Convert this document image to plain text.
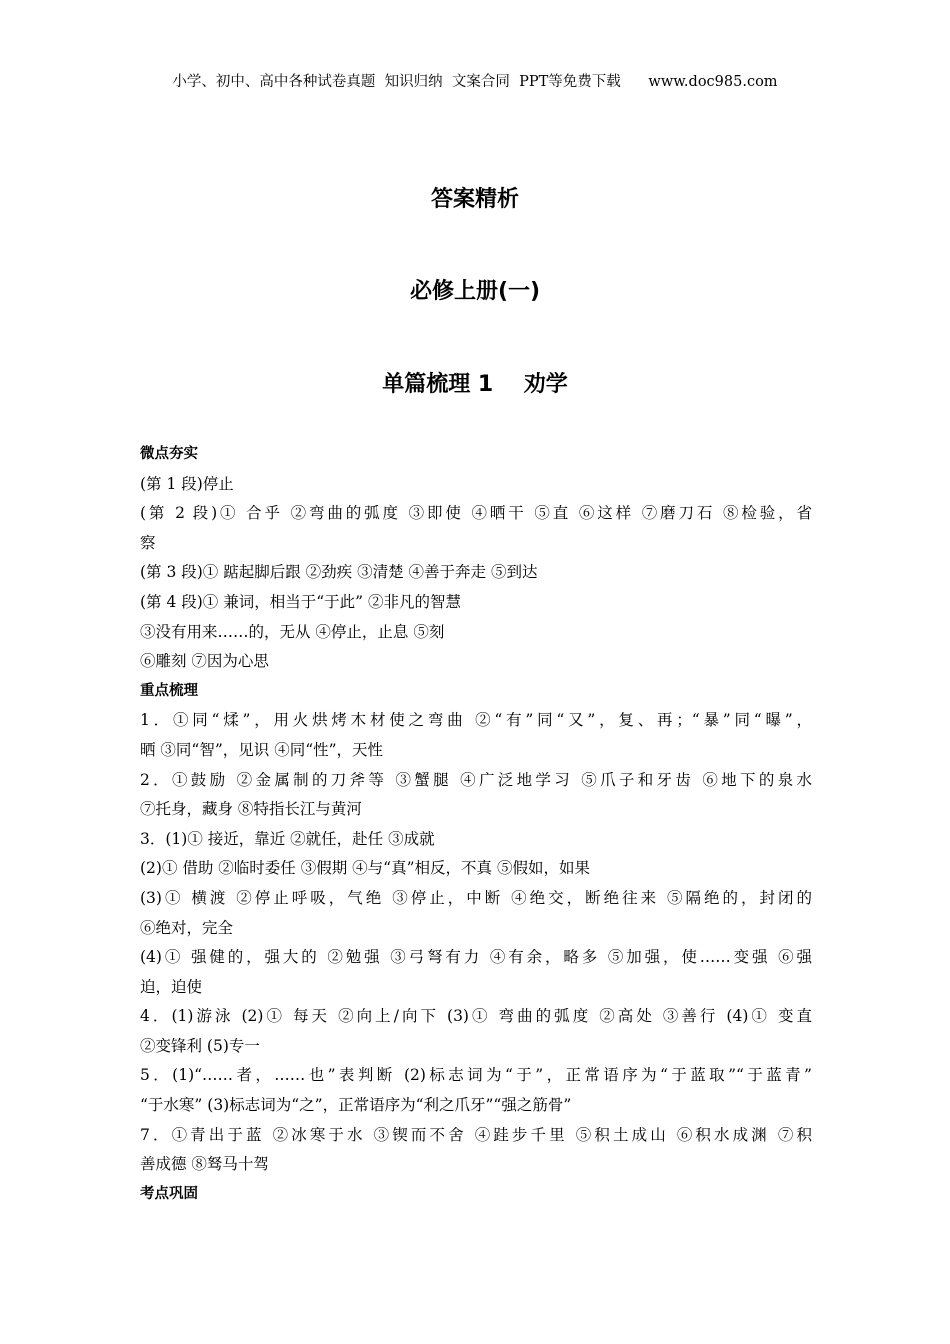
小学、初中、高中各种试卷真题  知识归纳  文案合同  PPT等免费下载      www.doc985.com
答案精析
必修上册(一)
单篇梳理 1    劝学
微点夯实
(第 1 段)停止
(第 2 段)① 合乎 ②弯曲的弧度 ③即使 ④晒干 ⑤直 ⑥这样 ⑦磨刀石 ⑧检验，省
察
(第 3 段)① 踮起脚后跟 ②劲疾 ③清楚 ④善于奔走 ⑤到达
(第 4 段)① 兼词，相当于“于此” ②非凡的智慧
③没有用来……的，无从 ④停止，止息 ⑤刻
⑥雕刻 ⑦因为心思
重点梳理
1．①同“煣”，用火烘烤木材使之弯曲 ②“有”同“又”，复、再；“暴”同“曝”，
晒 ③同“智”，见识 ④同“性”，天性
2．①鼓励 ②金属制的刀斧等 ③蟹腿 ④广泛地学习 ⑤爪子和牙齿 ⑥地下的泉水
⑦托身，藏身 ⑧特指长江与黄河
3．(1)① 接近，靠近 ②就任，赴任 ③成就
(2)① 借助 ②临时委任 ③假期 ④与“真”相反，不真 ⑤假如，如果
(3)① 横渡 ②停止呼吸，气绝 ③停止，中断 ④绝交，断绝往来 ⑤隔绝的，封闭的
⑥绝对，完全
(4)① 强健的，强大的 ②勉强 ③弓弩有力 ④有余，略多 ⑤加强，使……变强 ⑥强
迫，迫使
4．(1)游泳 (2)① 每天 ②向上/向下 (3)① 弯曲的弧度 ②高处 ③善行 (4)① 变直
②变锋利 (5)专一
5．(1)“……者，……也”表判断 (2)标志词为“于”，正常语序为“于蓝取”“于蓝青”
“于水寒” (3)标志词为“之”，正常语序为“利之爪牙”“强之筋骨”
7．①青出于蓝 ②冰寒于水 ③锲而不舍 ④跬步千里 ⑤积土成山 ⑥积水成渊 ⑦积
善成德 ⑧驽马十驾
考点巩固
